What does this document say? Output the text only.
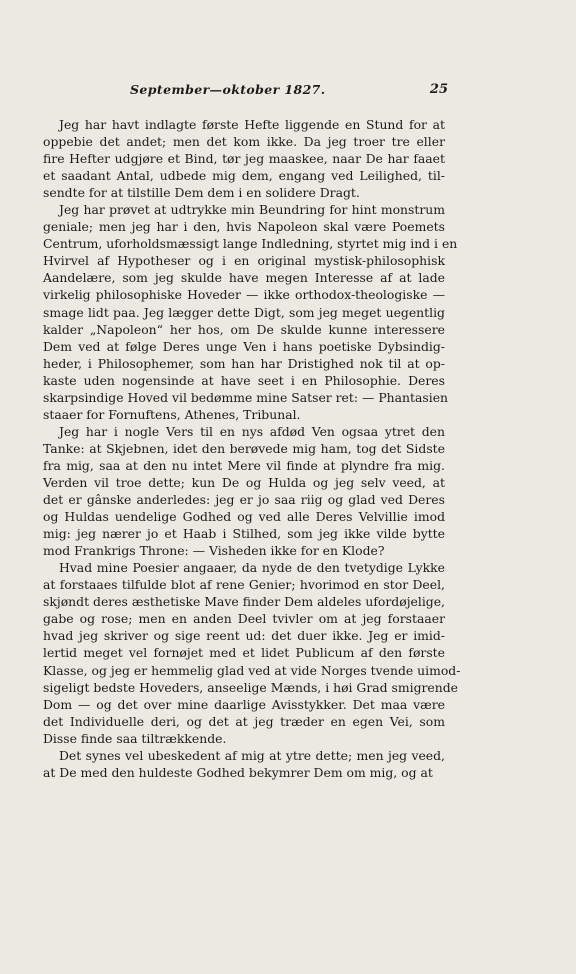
September—oktober 1827.	25
Jeg har havt indlagte første Hefte liggende en Stund for at
oppebie det andet; men det kom ikke. Da jeg troer tre eller
fire Hefter udgjøre et Bind, tør jeg maaskee, naar De har faaet
et saadant Antal, udbede mig dem, engang ved Leilighed, til-
sendte for at tilstille Dem dem i en solidere Dragt.
Jeg har prøvet at udtrykke min Beundring for hint monstrum
geniale; men jeg har i den, hvis Napoleon skal være Poemets
Centrum, uforholdsmæssigt lange Indledning, styrtet mig ind i en
Hvirvel af Hypotheser og i en original mystisk-philosophisk
Aandelære, som jeg skulde have megen Interesse af at lade
virkelig philosophiske Hoveder — ikke orthodox-theologiske —
smage lidt paa. Jeg lægger dette Digt, som jeg meget uegentlig
kalder „Napoleon“ her hos, om De skulde kunne interessere
Dem ved at følge Deres unge Ven i hans poetiske Dybsindig-
heder, i Philosophemer, som han har Dristighed nok til at op-
kaste uden nogensinde at have seet i en Philosophie. Deres
skarpsindige Hoved vil bedømme mine Satser ret: — Phantasien
staaer for Fornuftens, Athenes, Tribunal.
Jeg har i nogle Vers til en nys afdød Ven ogsaa ytret den
Tanke: at Skjebnen, idet den berøvede mig ham, tog det Sidste
fra mig, saa at den nu intet Mere vil finde at plyndre fra mig.
Verden vil troe dette; kun De og Hulda og jeg selv veed, at
det er gânske anderledes: jeg er jo saa riig og glad ved Deres
og Huldas uendelige Godhed og ved alle Deres Velvillie imod
mig: jeg nærer jo et Haab i Stilhed, som jeg ikke vilde bytte
mod Frankrigs Throne: — Visheden ikke for en Klode?
Hvad mine Poesier angaaer, da nyde de den tvetydige Lykke
at forstaaes tilfulde blot af rene Genier; hvorimod en stor Deel,
skjøndt deres æsthetiske Mave finder Dem aldeles ufordøjelige,
gabe og rose; men en anden Deel tvivler om at jeg forstaaer
hvad jeg skriver og sige reent ud: det duer ikke. Jeg er imid-
lertid meget vel fornøjet med et lidet Publicum af den første
Klasse, og jeg er hemmelig glad ved at vide Norges tvende uimod-
sigeligt bedste Hoveders, anseelige Mænds, i høi Grad smigrende
Dom — og det over mine daarlige Avisstykker. Det maa være
det Individuelle deri, og det at jeg træder en egen Vei, som
Disse finde saa tiltrækkende.
Det synes vel ubeskedent af mig at ytre dette; men jeg veed,
at De med den huldeste Godhed bekymrer Dem om mig, og at
